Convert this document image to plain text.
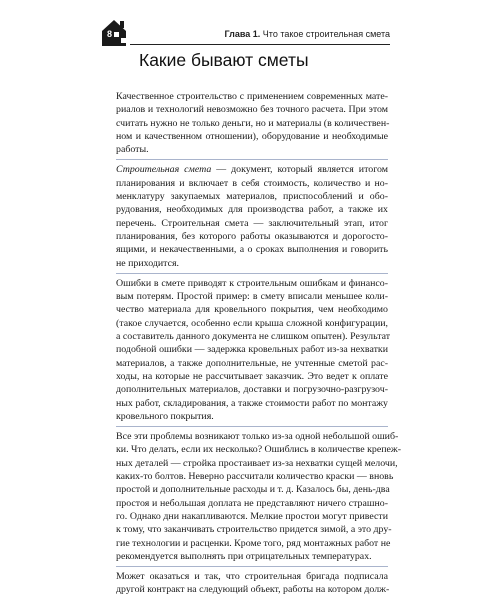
8	Глава 1. Что такое строительная смета
Какие бывают сметы

Качественное строительство с применением современных мате-
риалов и технологий невозможно без точного расчета. При этом
считать нужно не только деньги, но и материалы (в количествен-
ном и качественном отношении), оборудование и необходимые
работы.

Строительная смета — документ, который является итогом
планирования и включает в себя стоимость, количество и но-
менклатуру закупаемых материалов, приспособлений и обо-
рудования, необходимых для производства работ, а также их
перечень. Строительная смета — заключительный этап, итог
планирования, без которого работы оказываются и дорогосто-
ящими, и некачественными, а о сроках выполнения и говорить
не приходится.

Ошибки в смете приводят к строительным ошибкам и финансо-
вым потерям. Простой пример: в смету вписали меньшее коли-
чество материала для кровельного покрытия, чем необходимо
(такое случается, особенно если крыша сложной конфигурации,
а составитель данного документа не слишком опытен). Результат
подобной ошибки — задержка кровельных работ из-за нехватки
материалов, а также дополнительные, не учтенные сметой рас-
ходы, на которые не рассчитывает заказчик. Это ведет к оплате
дополнительных материалов, доставки и погрузочно-разгрузоч-
ных работ, складирования, а также стоимости работ по монтажу
кровельного покрытия.

Все эти проблемы возникают только из-за одной небольшой ошиб-
ки. Что делать, если их несколько? Ошиблись в количестве крепеж-
ных деталей — стройка простаивает из-за нехватки сущей мелочи,
каких-то болтов. Неверно рассчитали количество краски — вновь
простой и дополнительные расходы и т. д. Казалось бы, день-два
простоя и небольшая доплата не представляют ничего страшно-
го. Однако дни накапливаются. Мелкие простои могут привести
к тому, что заканчивать строительство придется зимой, а это дру-
гие технологии и расценки. Кроме того, ряд монтажных работ не
рекомендуется выполнять при отрицательных температурах.

Может оказаться и так, что строительная бригада подписала
другой контракт на следующий объект, работы на котором долж-
